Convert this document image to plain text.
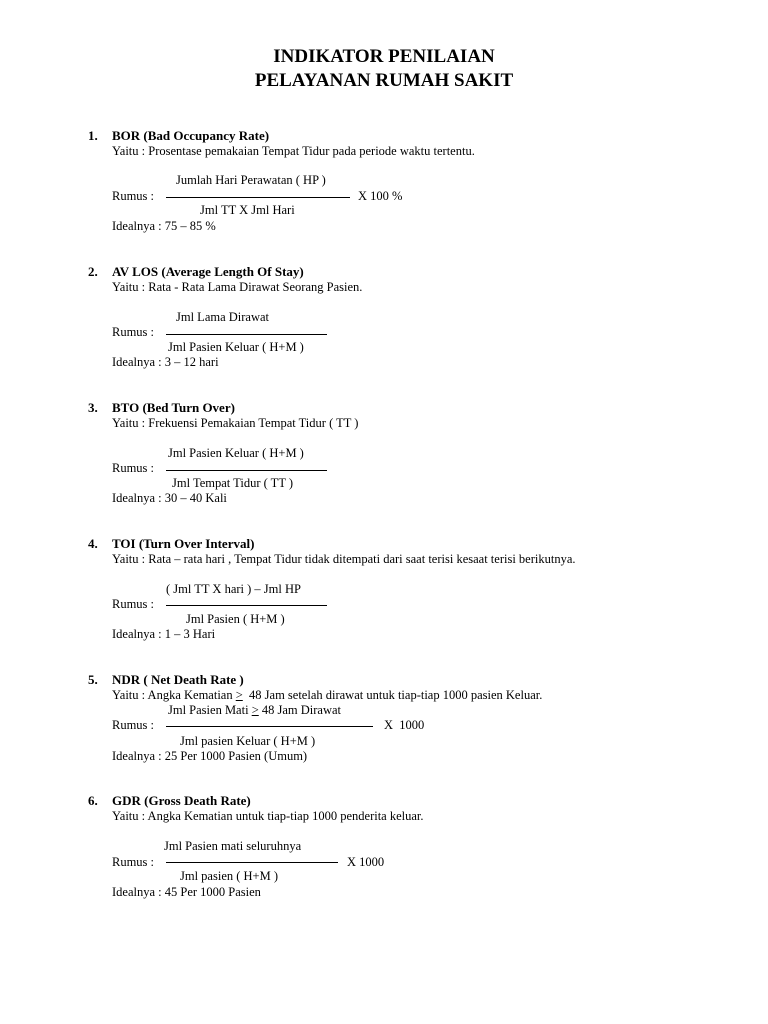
INDIKATOR PENILAIAN
PELAYANAN RUMAH SAKIT
1. BOR (Bad Occupancy Rate)
Yaitu : Prosentase pemakaian Tempat Tidur pada periode waktu tertentu.
Jumlah Hari Perawatan ( HP )
Rumus :	X 100 %
Jml TT X Jml Hari
Idealnya : 75 – 85 %
2. AV LOS (Average Length Of Stay)
Yaitu : Rata - Rata Lama Dirawat Seorang Pasien.
Jml Lama Dirawat
Rumus :
Jml Pasien Keluar ( H+M )
Idealnya : 3 – 12 hari
3. BTO (Bed Turn Over)
Yaitu : Frekuensi Pemakaian Tempat Tidur ( TT )
Jml Pasien Keluar ( H+M )
Rumus :
Jml Tempat Tidur ( TT )
Idealnya : 30 – 40 Kali
4. TOI (Turn Over Interval)
Yaitu : Rata – rata hari , Tempat Tidur tidak ditempati dari saat terisi kesaat terisi berikutnya.
( Jml TT X hari ) – Jml HP
Rumus :
Jml Pasien ( H+M )
Idealnya : 1 – 3 Hari
5. NDR ( Net Death Rate )
Yaitu : Angka Kematian ≥  48 Jam setelah dirawat untuk tiap-tiap 1000 pasien Keluar.
Jml Pasien Mati ≥ 48 Jam Dirawat
Rumus :	X  1000
Jml pasien Keluar ( H+M )
Idealnya : 25 Per 1000 Pasien (Umum)
6. GDR (Gross Death Rate)
Yaitu : Angka Kematian untuk tiap-tiap 1000 penderita keluar.
Jml Pasien mati seluruhnya
Rumus :	X 1000
Jml pasien ( H+M )
Idealnya : 45 Per 1000 Pasien
